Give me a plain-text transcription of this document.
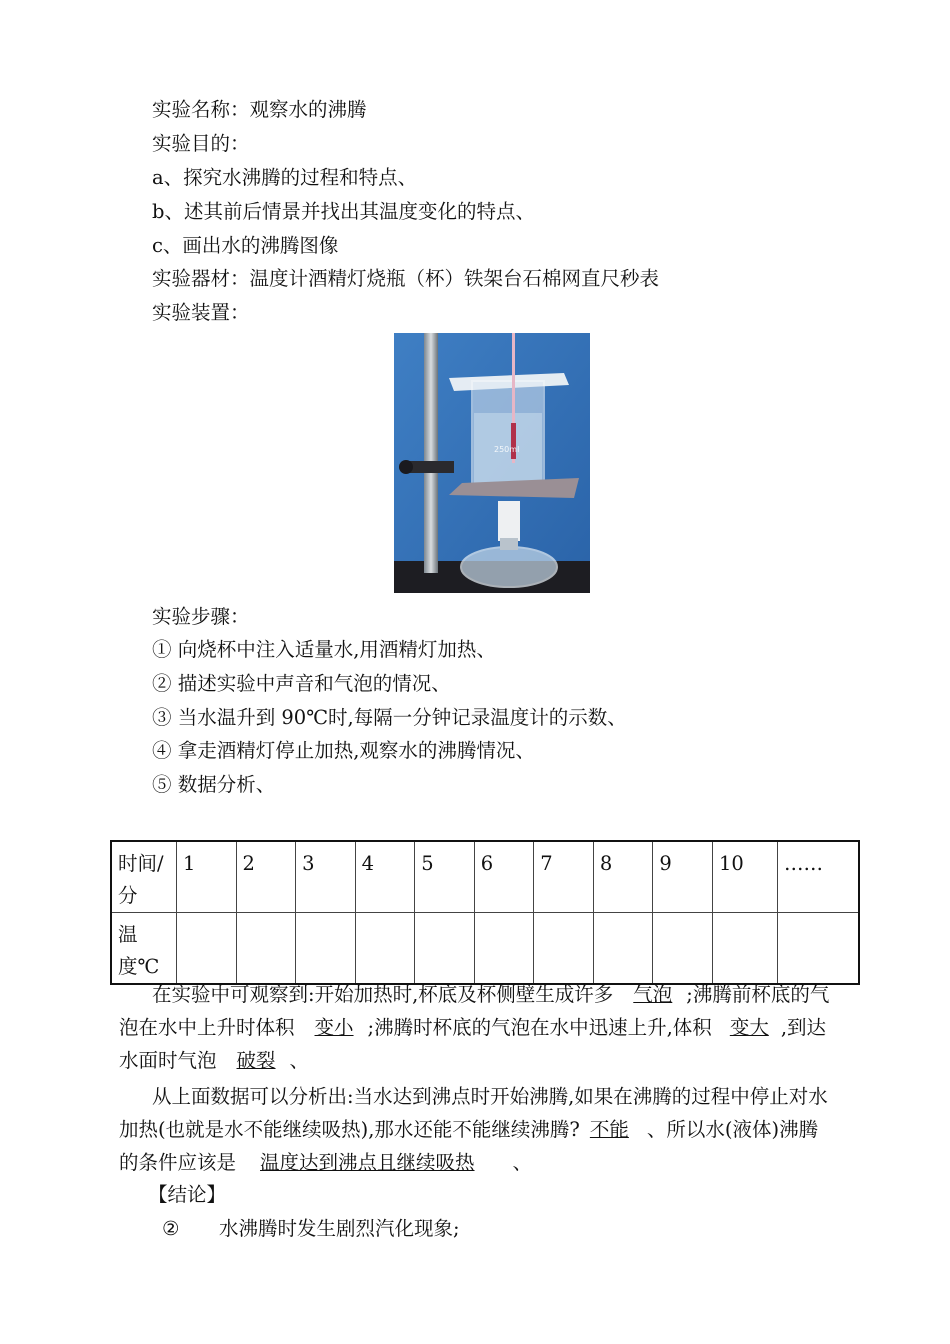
实验名称：观察水的沸腾
实验目的：
a、探究水沸腾的过程和特点、
b、述其前后情景并找出其温度变化的特点、
c、画出水的沸腾图像
实验器材：温度计酒精灯烧瓶（杯）铁架台石棉网直尺秒表
实验装置：
250ml
实验步骤：
① 向烧杯中注入适量水,用酒精灯加热、
② 描述实验中声音和气泡的情况、
③ 当水温升到 90℃时,每隔一分钟记录温度计的示数、
④ 拿走酒精灯停止加热,观察水的沸腾情况、
⑤ 数据分析、
时间/分	1	2	3	4	5	6	7	8	9	10	……
温度℃											
在实验中可观察到:开始加热时,杯底及杯侧壁生成许多 气泡 ;沸腾前杯底的气泡在水中上升时体积 变小 ;沸腾时杯底的气泡在水中迅速上升,体积 变大 ,到达水面时气泡 破裂 、
从上面数据可以分析出:当水达到沸点时开始沸腾,如果在沸腾的过程中停止对水加热(也就是水不能继续吸热),那水还能不能继续沸腾? 不能 、所以水(液体)沸腾的条件应该是 温度达到沸点且继续吸热 、
【结论】
② 水沸腾时发生剧烈汽化现象;
